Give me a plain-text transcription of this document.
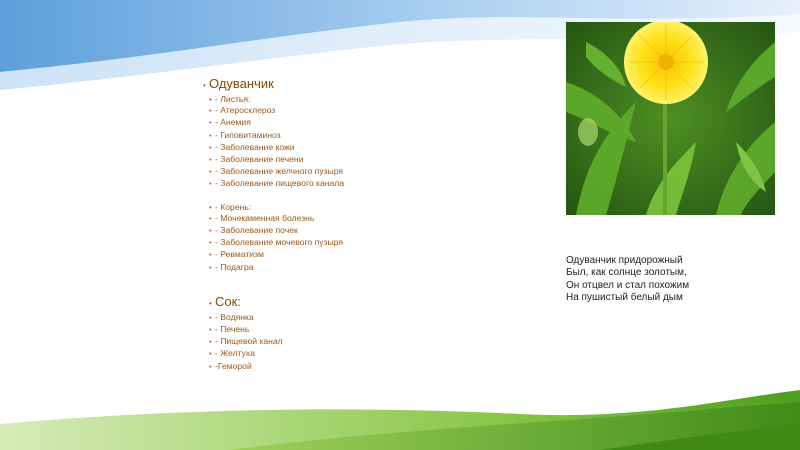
• Одуванчик
• - Листья:
• - Атеросклероз
• - Анемия
• - Гиповитаминоз
• - Заболевание кожи
• - Заболевание печени
• - Заболевание желчного пузыря
• - Заболевание пищевого канала
• - Корень:
• - Мочекаменная болезнь
• - Заболевание почек
• - Заболевание мочевого пузыря
• - Ревматизм
• - Подагра
• Сок:
• - Водянка
• - Печень
• - Пищевой канал
• - Желтуха
• -Геморой
Одуванчик придорожный
Был, как солнце золотым,
Он отцвел и стал похожим
На пушистый белый дым
